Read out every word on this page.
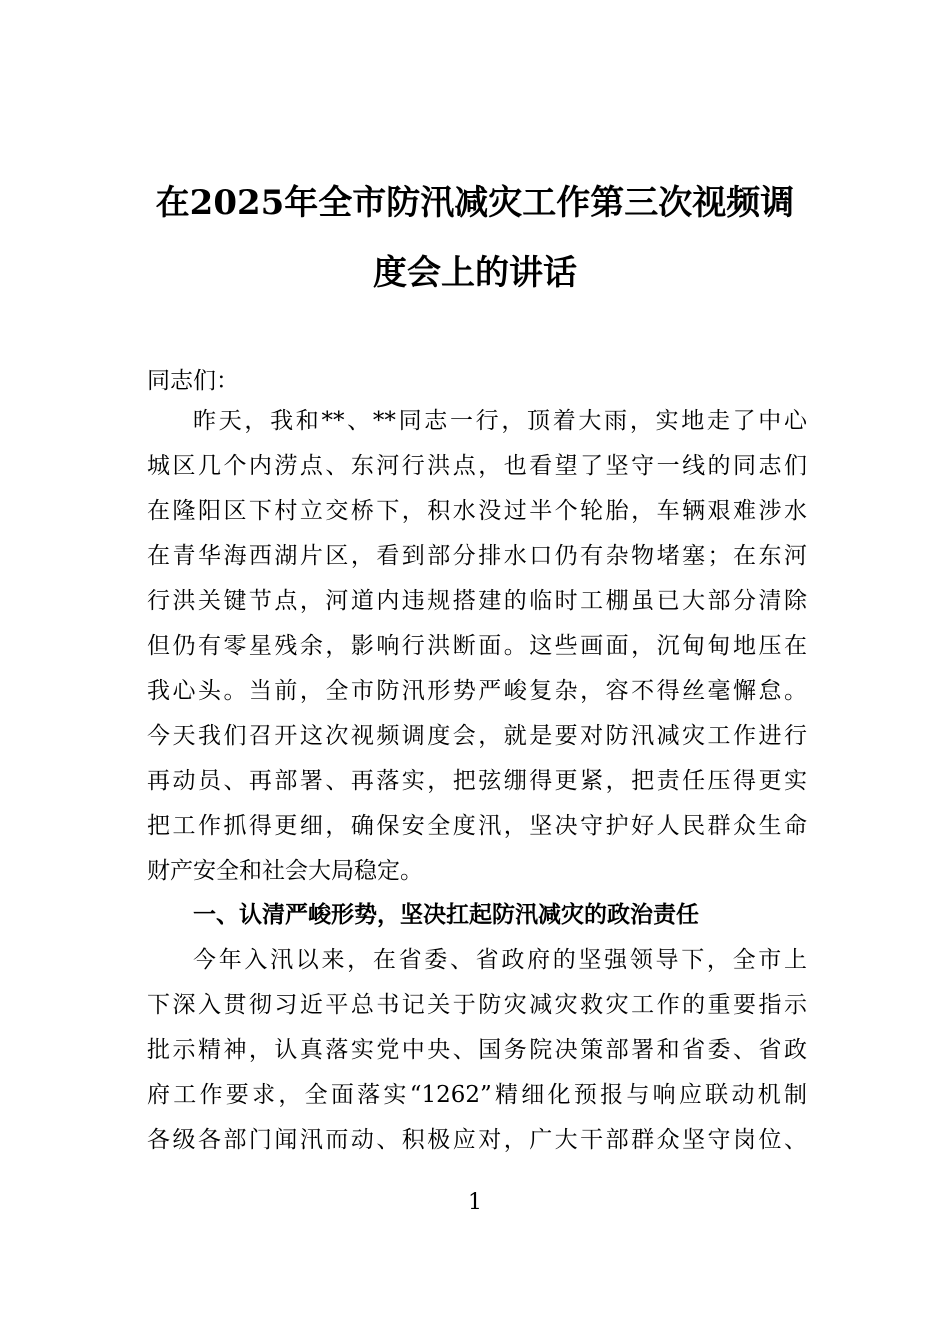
在2025年全市防汛减灾工作第三次视频调
度会上的讲话

同志们：

昨天，我和**、**同志一行，顶着大雨，实地走了中心

城区几个内涝点、东河行洪点，也看望了坚守一线的同志们

在隆阳区下村立交桥下，积水没过半个轮胎，车辆艰难涉水

在青华海西湖片区，看到部分排水口仍有杂物堵塞；在东河

行洪关键节点，河道内违规搭建的临时工棚虽已大部分清除

但仍有零星残余，影响行洪断面。这些画面，沉甸甸地压在

我心头。当前，全市防汛形势严峻复杂，容不得丝毫懈怠。

今天我们召开这次视频调度会，就是要对防汛减灾工作进行

再动员、再部署、再落实，把弦绷得更紧，把责任压得更实

把工作抓得更细，确保安全度汛，坚决守护好人民群众生命

财产安全和社会大局稳定。

一、认清严峻形势，坚决扛起防汛减灾的政治责任

今年入汛以来，在省委、省政府的坚强领导下，全市上

下深入贯彻习近平总书记关于防灾减灾救灾工作的重要指示

批示精神，认真落实党中央、国务院决策部署和省委、省政

府工作要求，全面落实“1262”精细化预报与响应联动机制

各级各部门闻汛而动、积极应对，广大干部群众坚守岗位、

1
